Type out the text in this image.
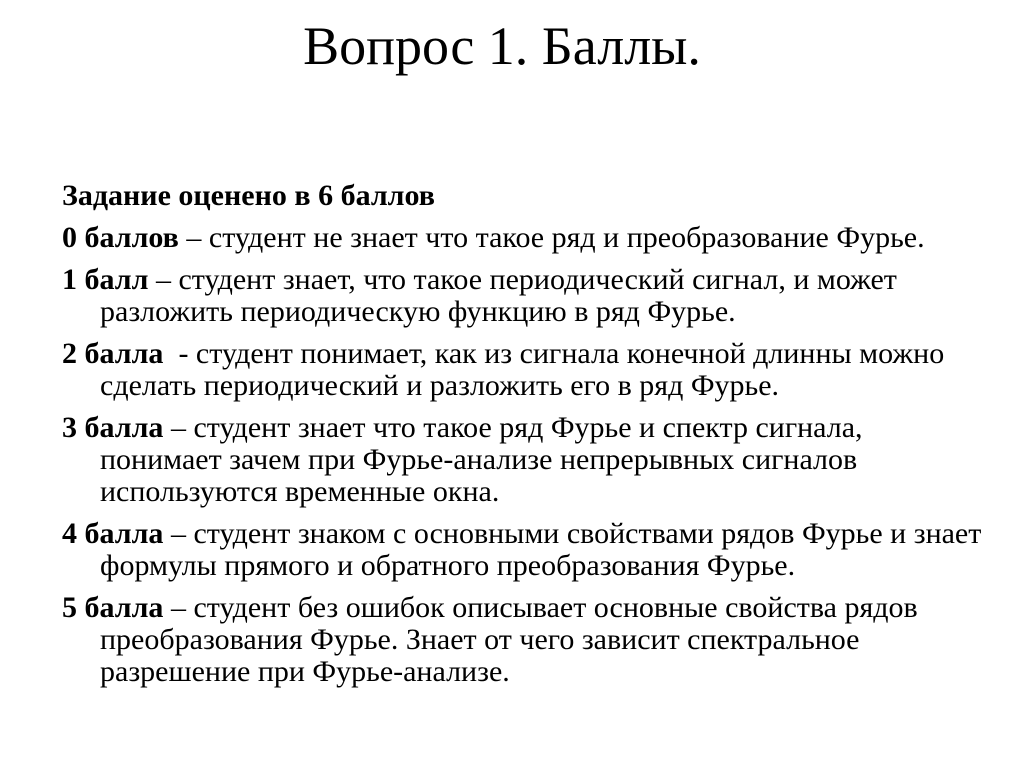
Вопрос 1. Баллы.
Задание оценено в 6 баллов
0 баллов – студент не знает что такое ряд и преобразование Фурье.
1 балл – студент знает, что такое периодический сигнал, и может разложить периодическую функцию в ряд Фурье.
2 балла  - студент понимает, как из сигнала конечной длинны можно сделать периодический и разложить его в ряд Фурье.
3 балла – студент знает что такое ряд Фурье и спектр сигнала, понимает зачем при Фурье-анализе непрерывных сигналов используются временные окна.
4 балла – студент знаком с основными свойствами рядов Фурье и знает формулы прямого и обратного преобразования Фурье.
5 балла – студент без ошибок описывает основные свойства рядов преобразования Фурье. Знает от чего зависит спектральное разрешение при Фурье-анализе.
